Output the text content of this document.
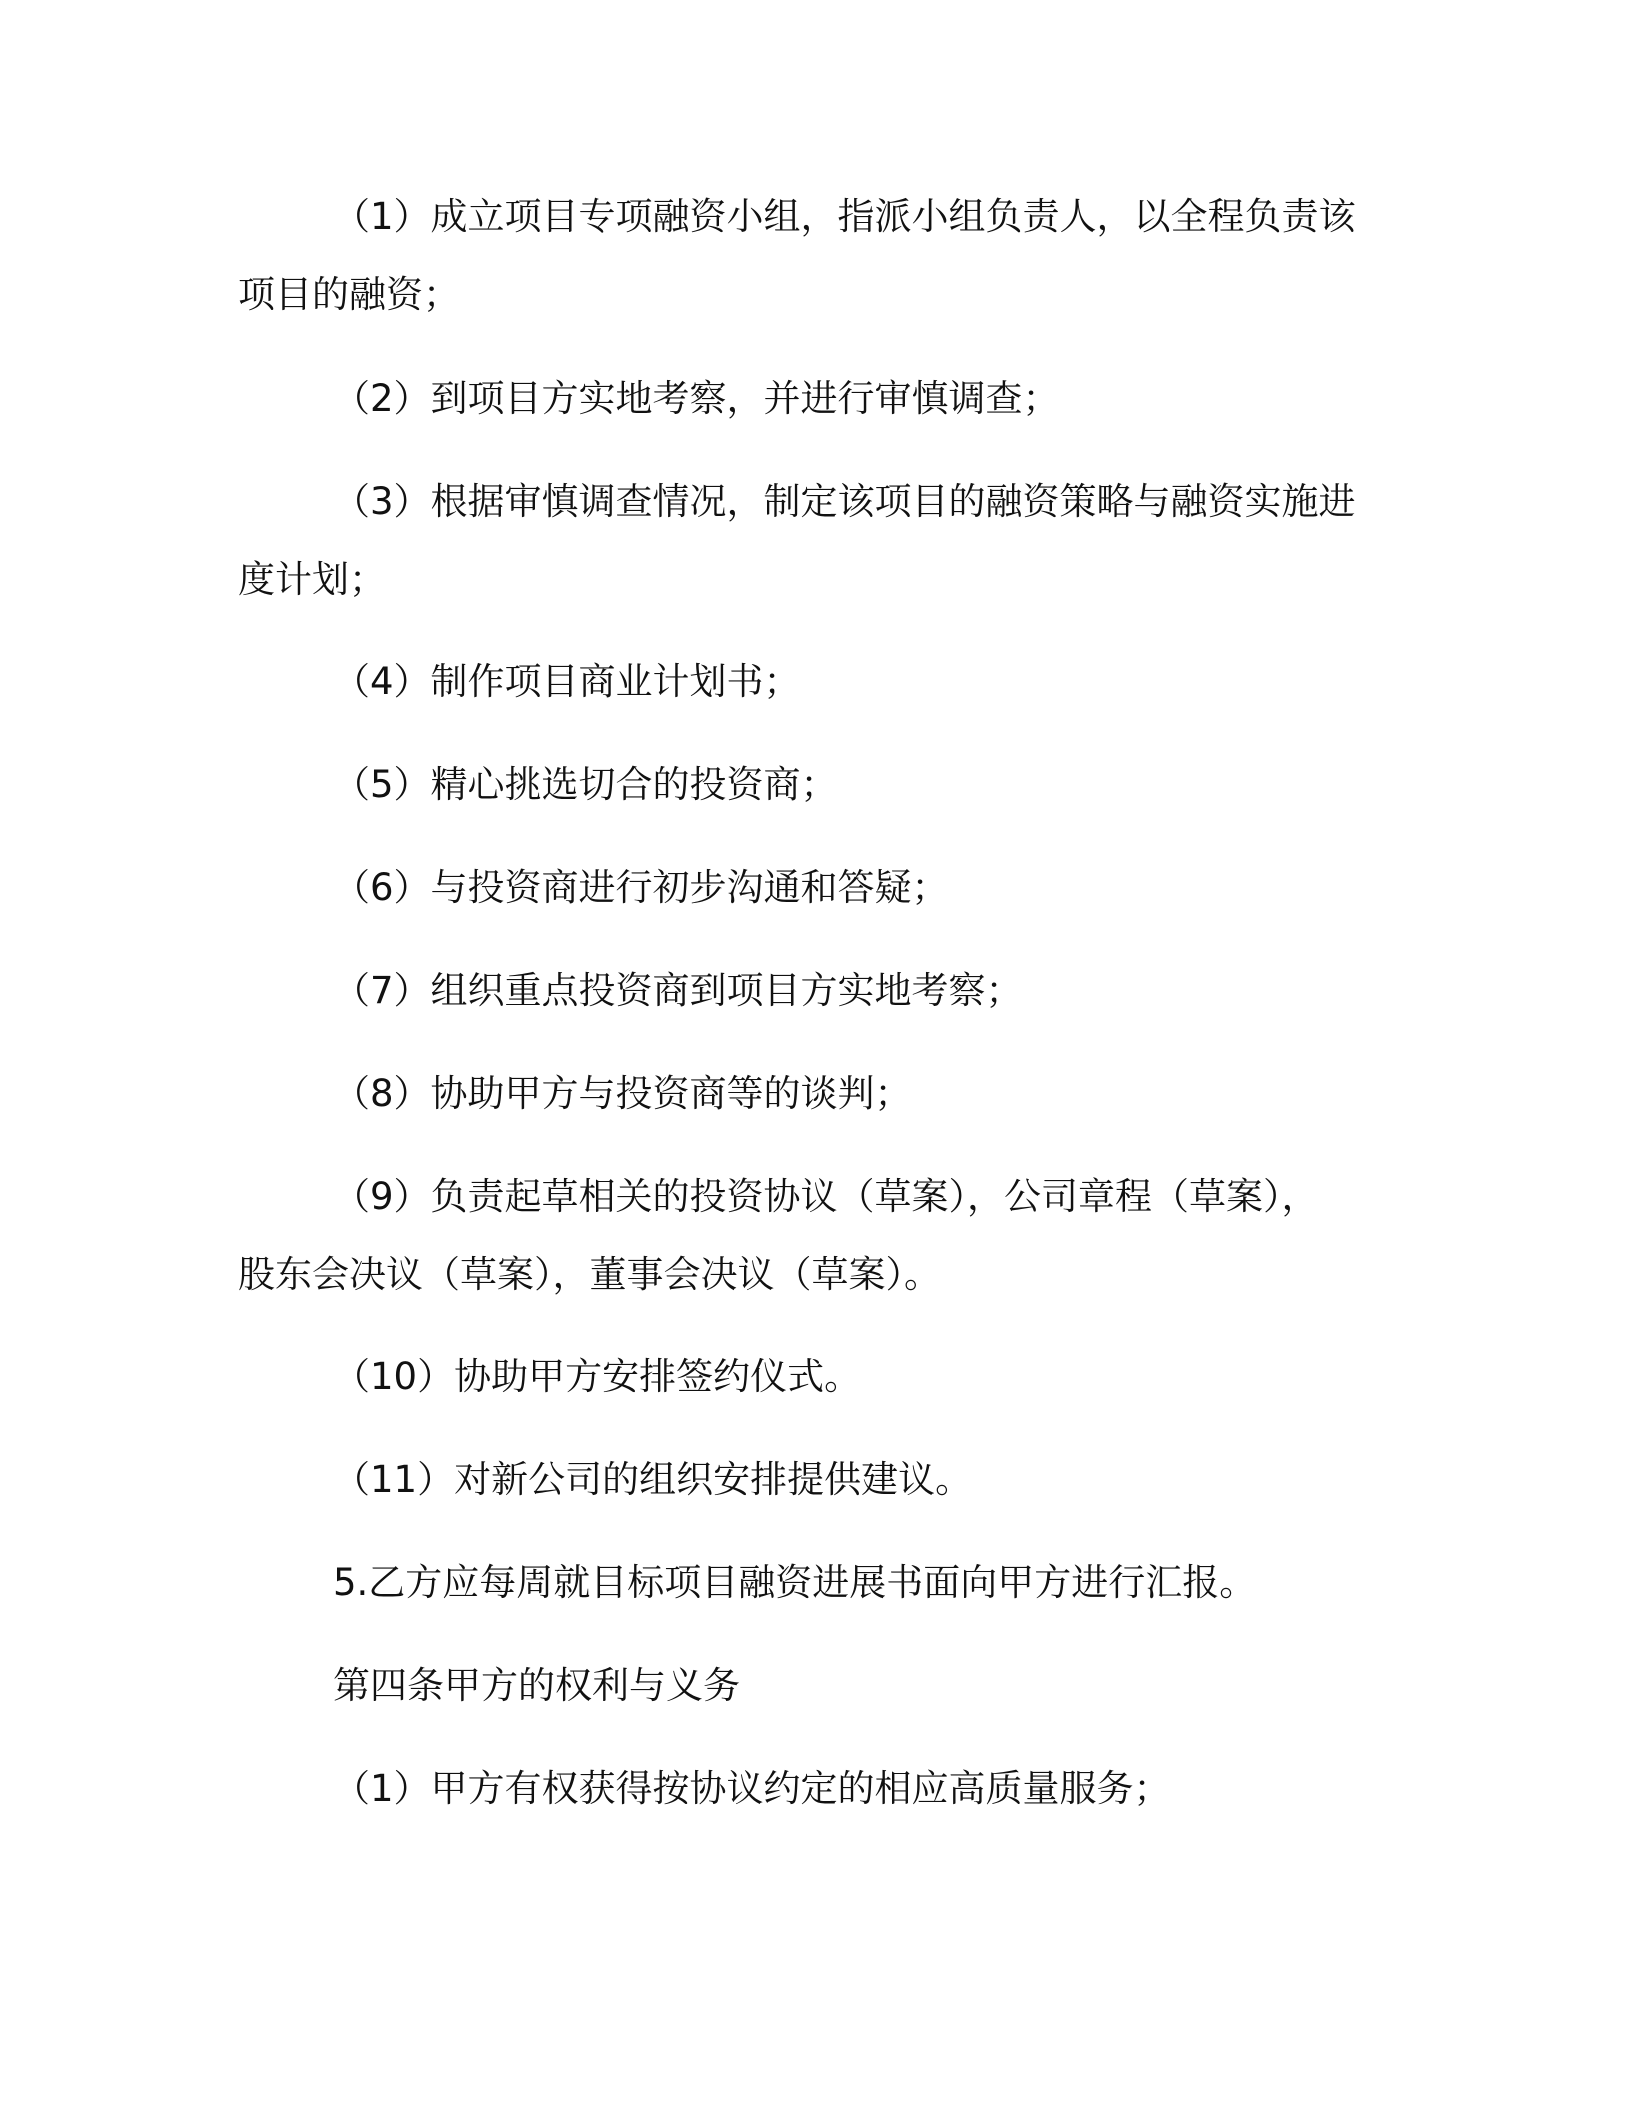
（1）成立项目专项融资小组，指派小组负责人，以全程负责该
项目的融资；
（2）到项目方实地考察，并进行审慎调查；
（3）根据审慎调查情况，制定该项目的融资策略与融资实施进
度计划；
（4）制作项目商业计划书；
（5）精心挑选切合的投资商；
（6）与投资商进行初步沟通和答疑；
（7）组织重点投资商到项目方实地考察；
（8）协助甲方与投资商等的谈判；
（9）负责起草相关的投资协议（草案），公司章程（草案），
股东会决议（草案），董事会决议（草案）。
（10）协助甲方安排签约仪式。
（11）对新公司的组织安排提供建议。
5.乙方应每周就目标项目融资进展书面向甲方进行汇报。
第四条甲方的权利与义务
（1）甲方有权获得按协议约定的相应高质量服务；
